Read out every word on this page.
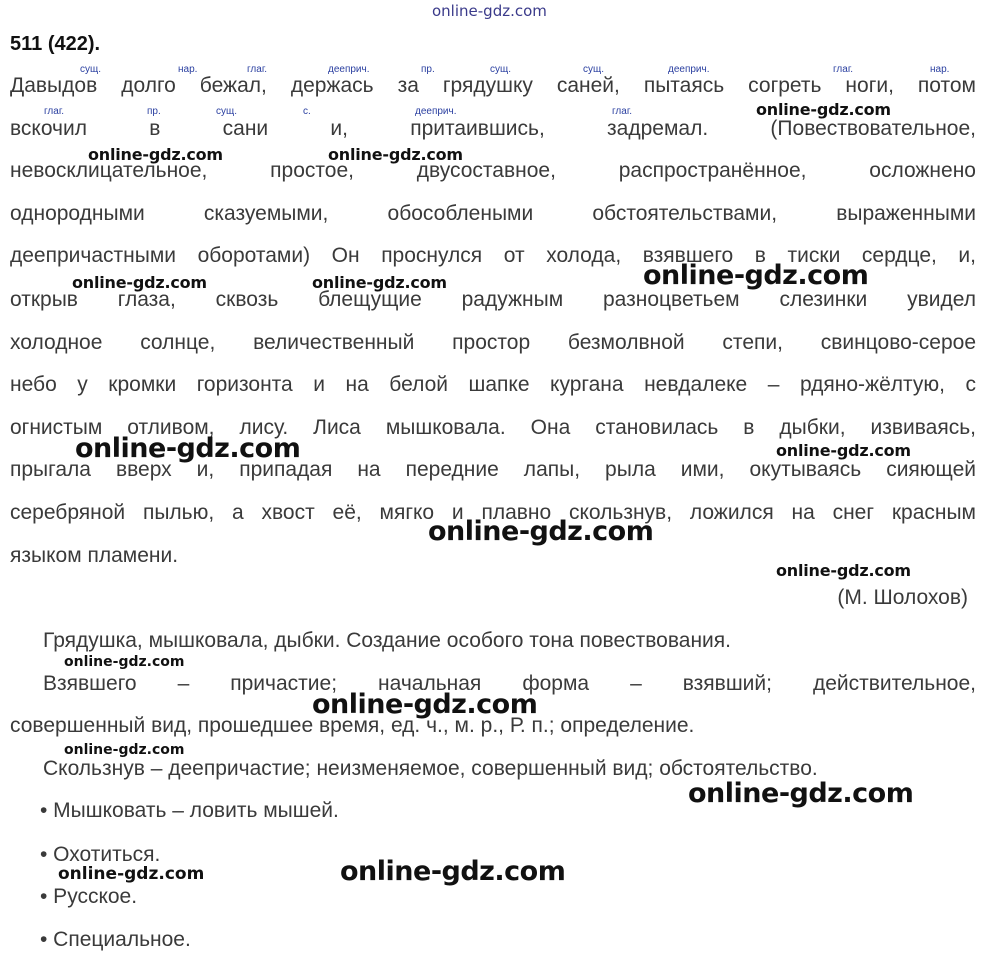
online-gdz.com
511 (422).
сущ.	нар.	глаг.	дееприч.	пр.	сущ.	сущ.	дееприч.	глаг.	нар.
глаг.	пр.	сущ.	с.	дееприч.	глаг.
Давыдов долго бежал, держась за грядушку саней, пытаясь согреть ноги, потом
вскочил в сани и, притаившись, задремал. (Повествовательное,
невосклицательное, простое, двусоставное, распространённое, осложнено
однородными сказуемыми, обособлеными обстоятельствами, выраженными
деепричастными оборотами) Он проснулся от холода, взявшего в тиски сердце, и,
открыв глаза, сквозь блещущие радужным разноцветьем слезинки увидел
холодное солнце, величественный простор безмолвной степи, свинцово-серое
небо у кромки горизонта и на белой шапке кургана невдалеке – рдяно-жёлтую, с
огнистым отливом, лису. Лиса мышковала. Она становилась в дыбки, извиваясь,
прыгала вверх и, припадая на передние лапы, рыла ими, окутываясь сияющей
серебряной пылью, а хвост её, мягко и плавно скользнув, ложился на снег красным
языком пламени.
(М. Шолохов)
Грядушка, мышковала, дыбки. Создание особого тона повествования.
Взявшего – причастие; начальная форма – взявший; действительное,
совершенный вид, прошедшее время, ед. ч., м. р., Р. п.; определение.
Скользнув – деепричастие; неизменяемое, совершенный вид; обстоятельство.
• Мышковать – ловить мышей.
• Охотиться.
• Русское.
• Специальное.
online-gdz.com
online-gdz.com	online-gdz.com
online-gdz.com	online-gdz.com	online-gdz.com
online-gdz.com	online-gdz.com
online-gdz.com
online-gdz.com
online-gdz.com
online-gdz.com
online-gdz.com
online-gdz.com
online-gdz.com	online-gdz.com
